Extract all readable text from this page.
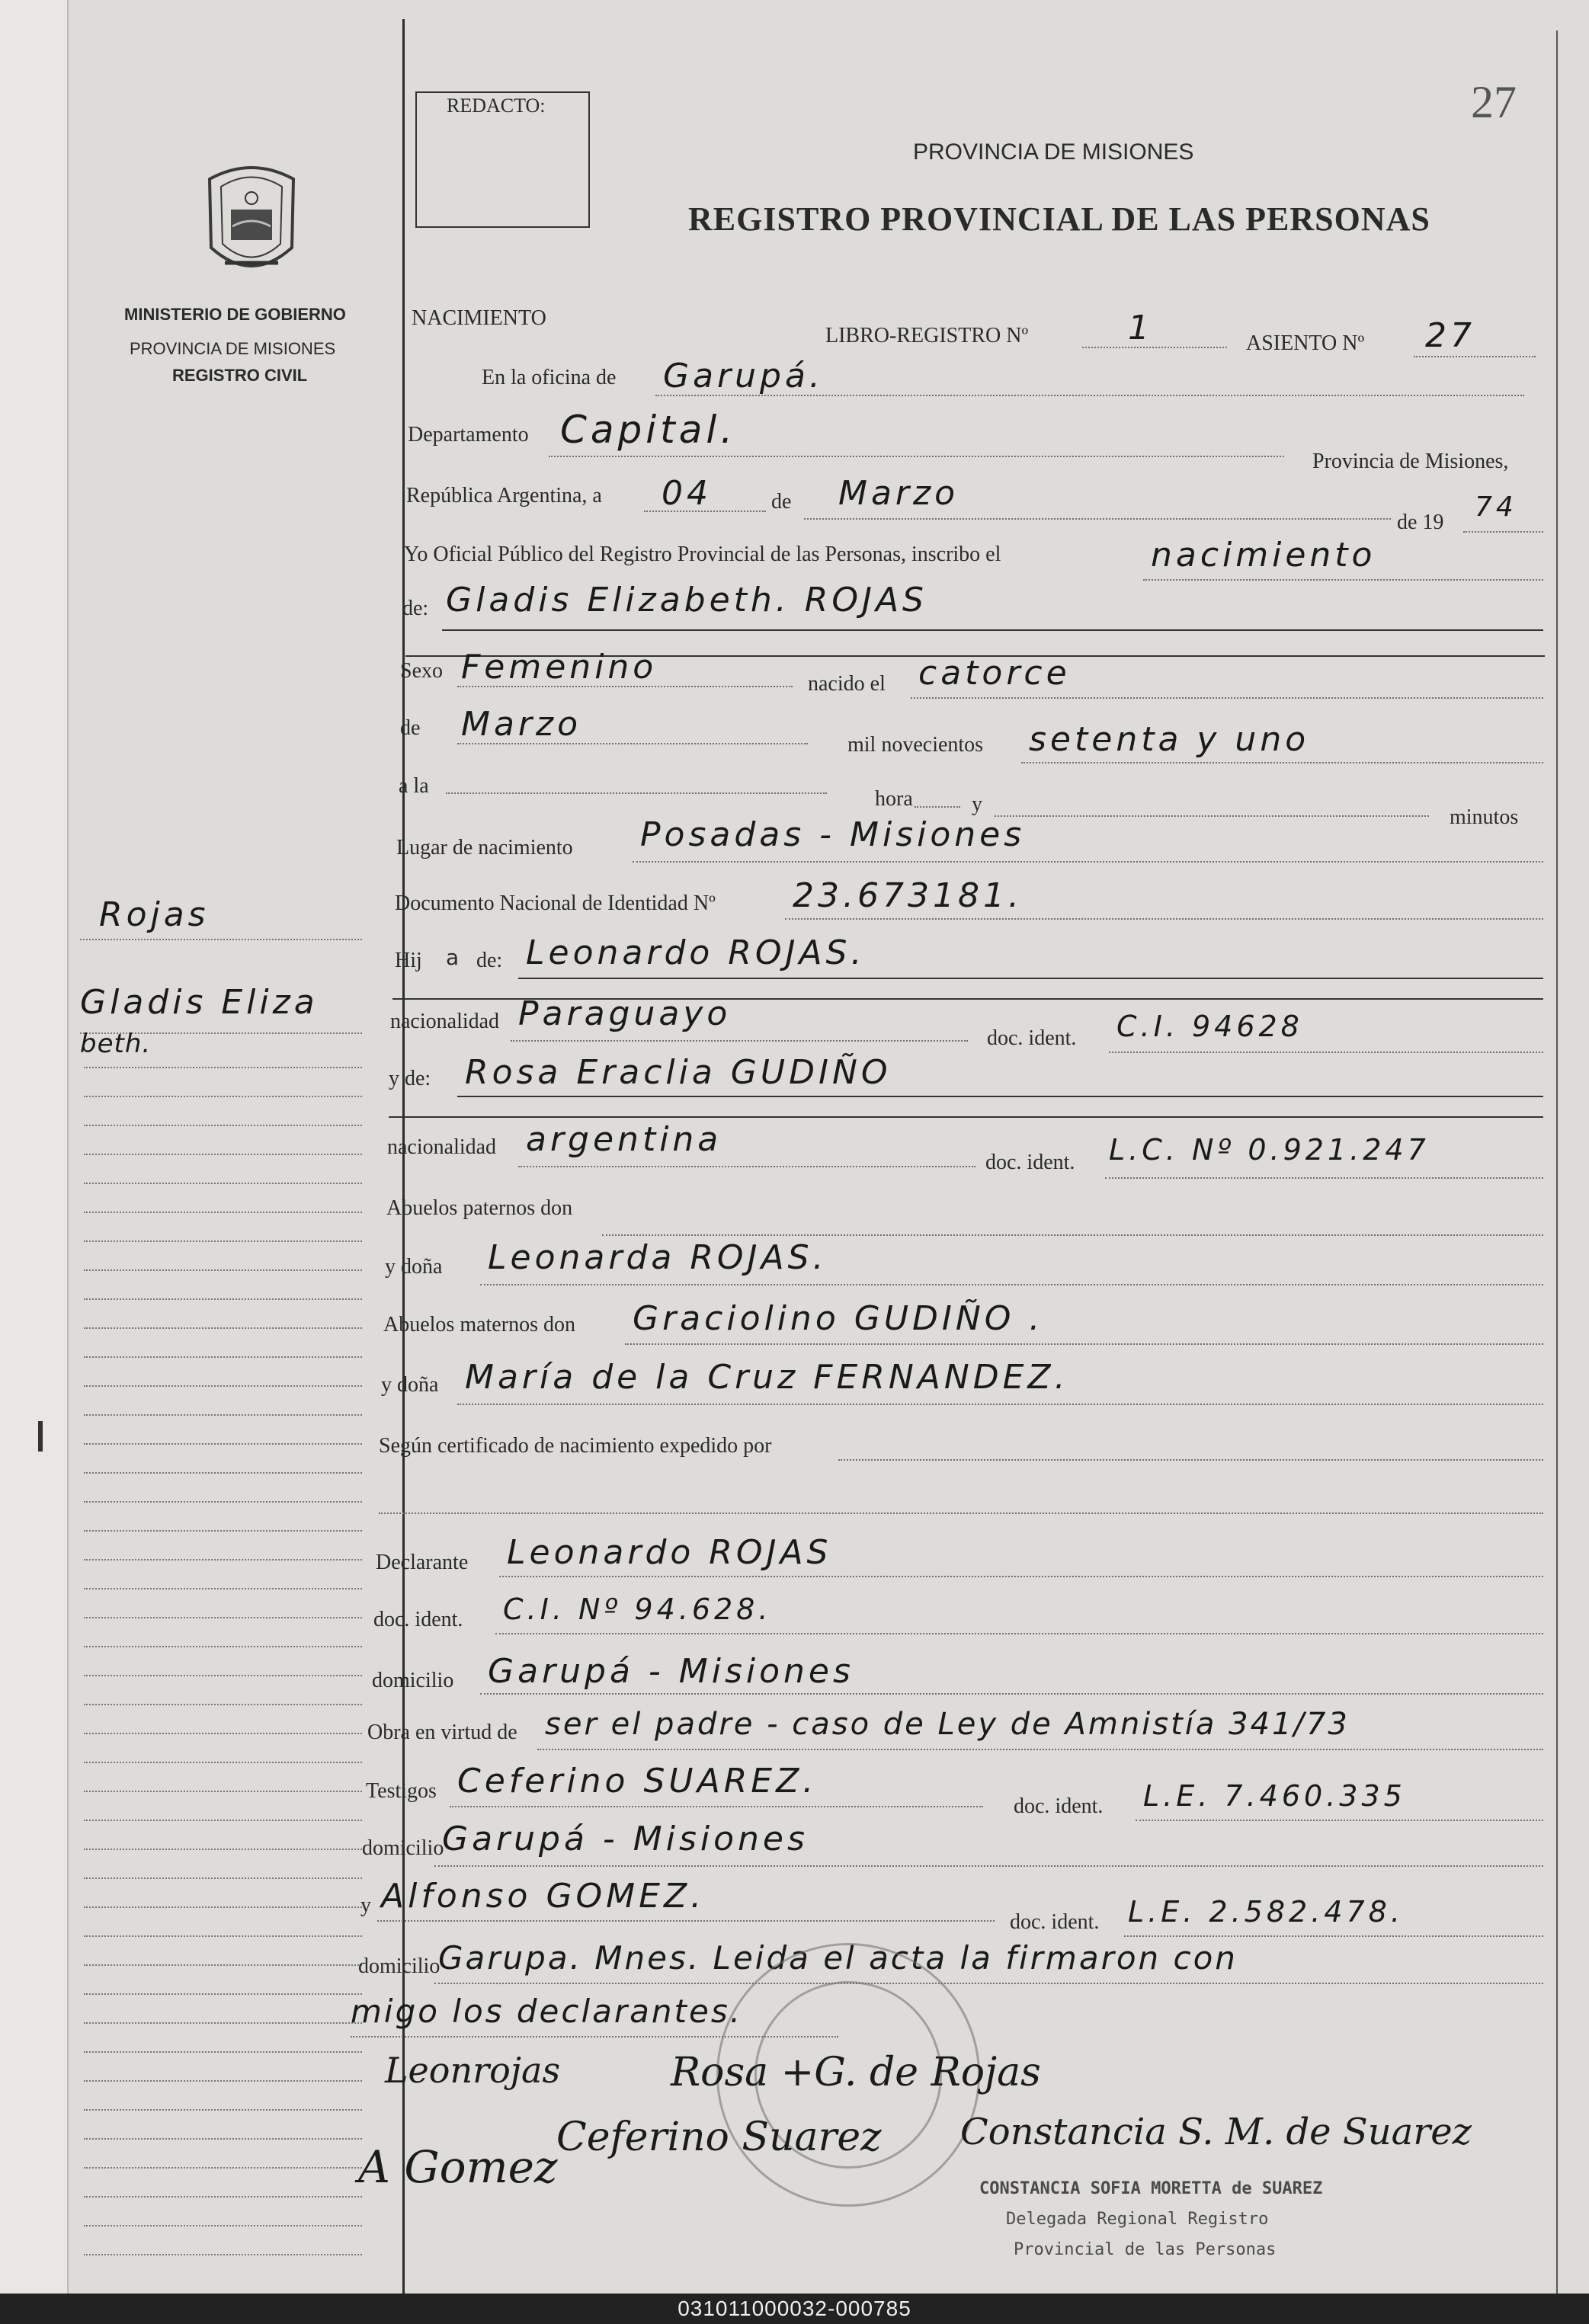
27
REDACTO:
PROVINCIA DE MISIONES
REGISTRO PROVINCIAL DE LAS PERSONAS
MINISTERIO DE GOBIERNO
PROVINCIA DE MISIONES
REGISTRO CIVIL
Rojas
Gladis Eliza
beth.
NACIMIENTO
LIBRO-REGISTRO Nº	1	ASIENTO Nº 27
En la oficina de Garupá.
Departamento Capital.
Provincia de Misiones,
República Argentina, a 04	de Marzo
de 19 74
Yo Oficial Público del Registro Provincial de las Personas, inscribo el	nacimiento
de: Gladis Elizabeth. ROJAS
Sexo Femenino	nacido el catorce
de Marzo
mil novecientos setenta y uno
a la
hora	y
minutos
Lugar de nacimiento Posadas - Misiones
Documento Nacional de Identidad Nº 23.673181.
Hij a de: Leonardo ROJAS.
nacionalidad Paraguayo
doc. ident. C.I. 94628
y de: Rosa Eraclia GUDIÑO
nacionalidad argentina
doc. ident. L.C. Nº 0.921.247
Abuelos paternos don
y doña Leonarda ROJAS.
Abuelos maternos don Graciolino GUDIÑO .
y doña María de la Cruz FERNANDEZ.
Según certificado de nacimiento expedido por
Declarante Leonardo ROJAS
doc. ident. C.I. Nº 94.628.
domicilio Garupá - Misiones
Obra en virtud de ser el padre - caso de Ley de Amnistía 341/73
Testigos Ceferino SUAREZ.
doc. ident. L.E. 7.460.335
domicilio
Garupá - Misiones
y Alfonso GOMEZ.
doc. ident. L.E. 2.582.478.
domicilio
Garupa. Mnes. Leida el acta la firmaron con
migo los declarantes.
CONSTANCIA SOFIA MORETTA de SUAREZ
Delegada Regional Registro
Provincial de las Personas
Leonrojas	Rosa +G. de Rojas
Ceferino Suarez Constancia S. M. de Suarez
A Gomez
031011000032-000785
